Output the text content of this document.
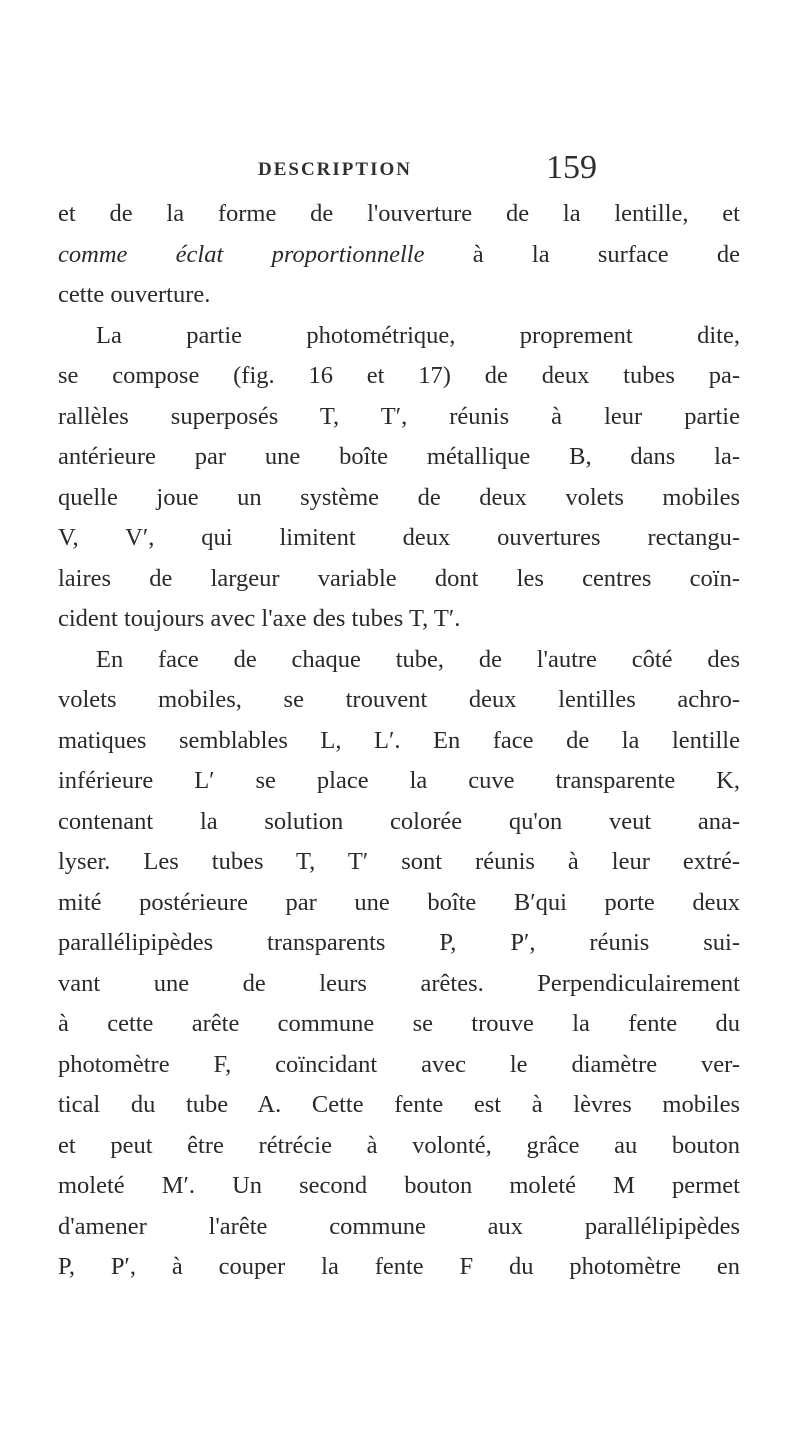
DESCRIPTION	159
et de la forme de l'ouverture de la lentille, et
comme éclat proportionnelle à la surface de
cette ouverture.
La partie photométrique, proprement dite,
se compose (fig. 16 et 17) de deux tubes pa-
rallèles superposés T, T′, réunis à leur partie
antérieure par une boîte métallique B, dans la-
quelle joue un système de deux volets mobiles
V, V′, qui limitent deux ouvertures rectangu-
laires de largeur variable dont les centres coïn-
cident toujours avec l'axe des tubes T, T′.
En face de chaque tube, de l'autre côté des
volets mobiles, se trouvent deux lentilles achro-
matiques semblables L, L′. En face de la lentille
inférieure L′ se place la cuve transparente K,
contenant la solution colorée qu'on veut ana-
lyser. Les tubes T, T′ sont réunis à leur extré-
mité postérieure par une boîte B′qui porte deux
parallélipipèdes transparents P, P′, réunis sui-
vant une de leurs arêtes. Perpendiculairement
à cette arête commune se trouve la fente du
photomètre F, coïncidant avec le diamètre ver-
tical du tube A. Cette fente est à lèvres mobiles
et peut être rétrécie à volonté, grâce au bouton
moleté M′. Un second bouton moleté M permet
d'amener l'arête commune aux parallélipipèdes
P, P′, à couper la fente F du photomètre en
